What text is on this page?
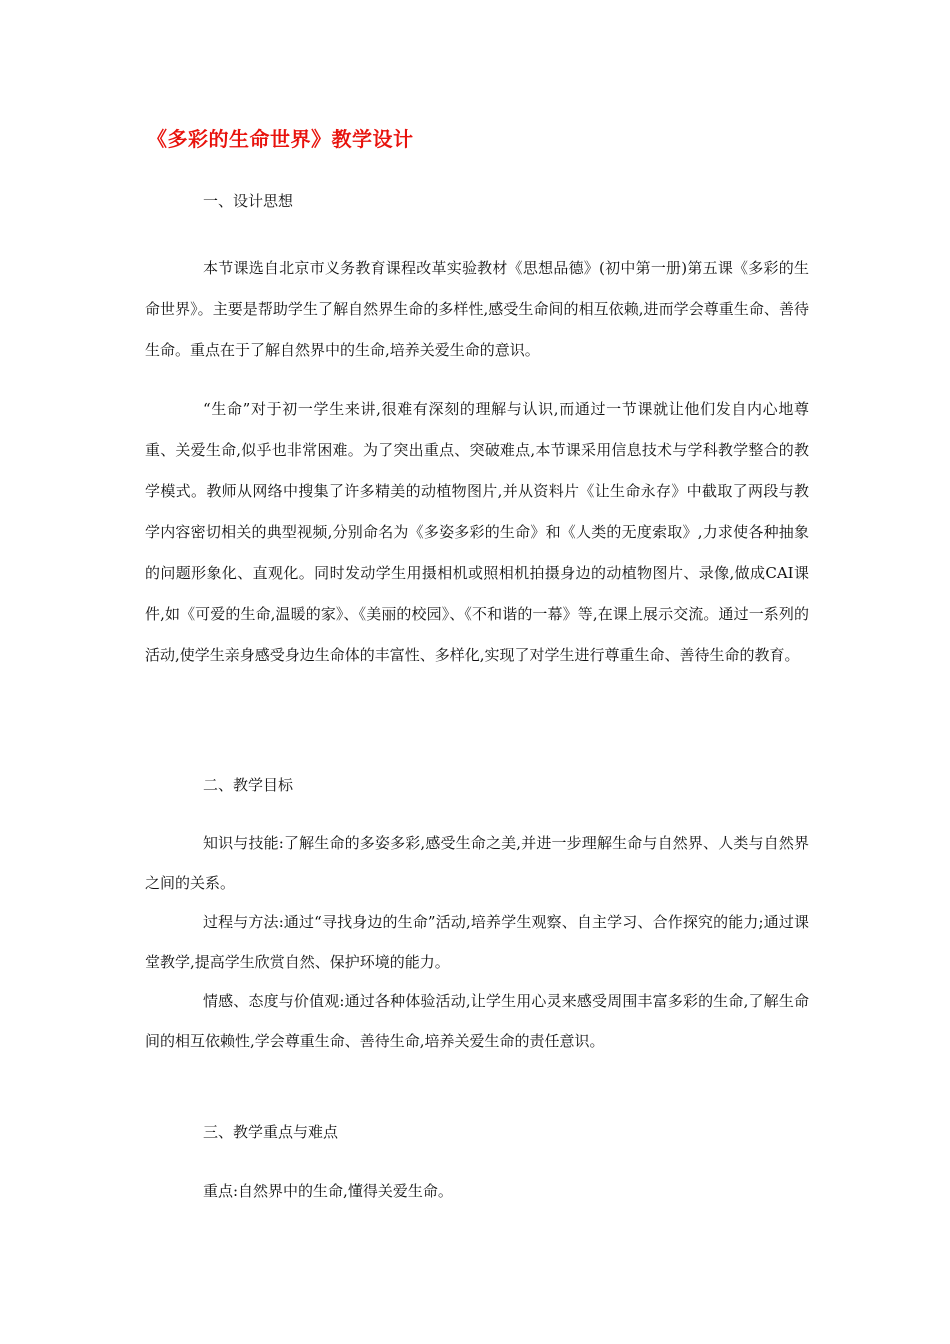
《多彩的生命世界》教学设计
一、设计思想
本节课选自北京市义务教育课程改革实验教材《思想品德》(初中第一册)第五课《多彩的生命世界》。主要是帮助学生了解自然界生命的多样性,感受生命间的相互依赖,进而学会尊重生命、善待生命。重点在于了解自然界中的生命,培养关爱生命的意识。
“生命”对于初一学生来讲,很难有深刻的理解与认识,而通过一节课就让他们发自内心地尊重、关爱生命,似乎也非常困难。为了突出重点、突破难点,本节课采用信息技术与学科教学整合的教学模式。教师从网络中搜集了许多精美的动植物图片,并从资料片《让生命永存》中截取了两段与教学内容密切相关的典型视频,分别命名为《多姿多彩的生命》和《人类的无度索取》,力求使各种抽象的问题形象化、直观化。同时发动学生用摄相机或照相机拍摄身边的动植物图片、录像,做成CAI课件,如《可爱的生命,温暖的家》、《美丽的校园》、《不和谐的一幕》等,在课上展示交流。通过一系列的活动,使学生亲身感受身边生命体的丰富性、多样化,实现了对学生进行尊重生命、善待生命的教育。
二、教学目标
知识与技能:了解生命的多姿多彩,感受生命之美,并进一步理解生命与自然界、人类与自然界之间的关系。
过程与方法:通过“寻找身边的生命”活动,培养学生观察、自主学习、合作探究的能力;通过课堂教学,提高学生欣赏自然、保护环境的能力。
情感、态度与价值观:通过各种体验活动,让学生用心灵来感受周围丰富多彩的生命,了解生命间的相互依赖性,学会尊重生命、善待生命,培养关爱生命的责任意识。
三、教学重点与难点
重点:自然界中的生命,懂得关爱生命。
